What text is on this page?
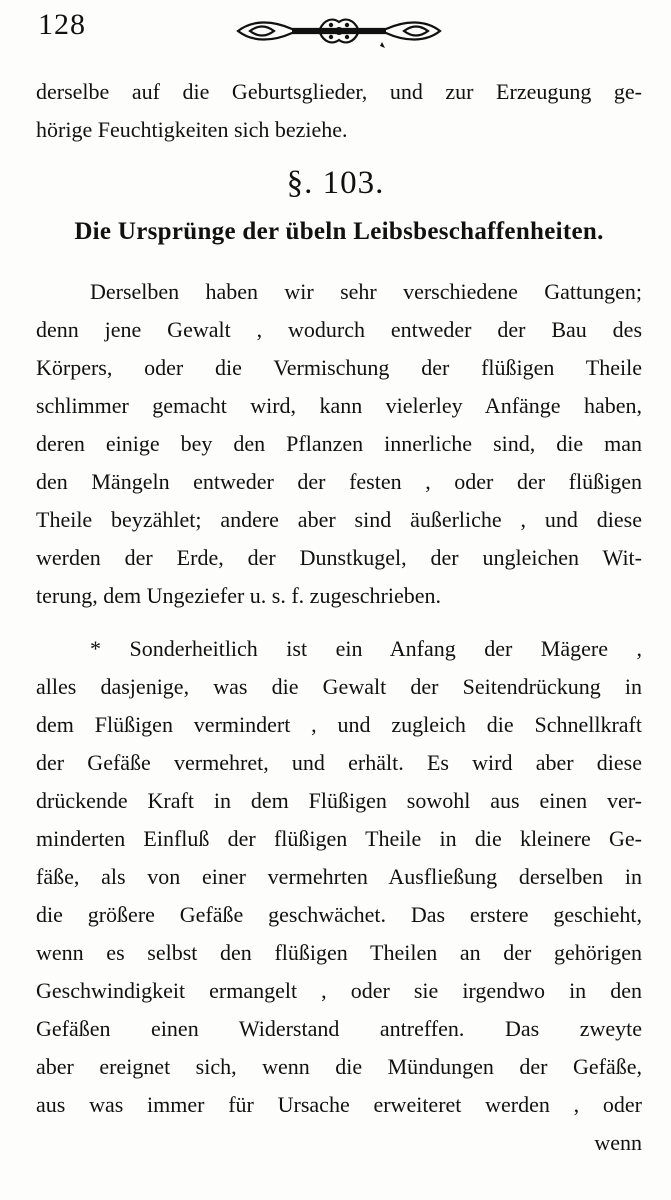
128
derselbe auf die Geburtsglieder, und zur Erzeugung ge-
hörige Feuchtigkeiten sich beziehe.
§. 103.
Die Ursprünge der übeln Leibsbeschaffenheiten.
Derselben haben wir sehr verschiedene Gattungen;
denn jene Gewalt , wodurch entweder der Bau des
Körpers, oder die Vermischung der flüßigen Theile
schlimmer gemacht wird, kann vielerley Anfänge haben,
deren einige bey den Pflanzen innerliche sind, die man
den Mängeln entweder der festen , oder der flüßigen
Theile beyzählet; andere aber sind äußerliche , und diese
werden der Erde, der Dunstkugel, der ungleichen Wit-
terung, dem Ungeziefer u. s. f. zugeschrieben.
* Sonderheitlich ist ein Anfang der Mägere ,
alles dasjenige, was die Gewalt der Seitendrückung in
dem Flüßigen vermindert , und zugleich die Schnellkraft
der Gefäße vermehret, und erhält. Es wird aber diese
drückende Kraft in dem Flüßigen sowohl aus einen ver-
minderten Einfluß der flüßigen Theile in die kleinere Ge-
fäße, als von einer vermehrten Ausfließung derselben in
die größere Gefäße geschwächet. Das erstere geschieht,
wenn es selbst den flüßigen Theilen an der gehörigen
Geschwindigkeit ermangelt , oder sie irgendwo in den
Gefäßen einen Widerstand antreffen. Das zweyte
aber ereignet sich, wenn die Mündungen der Gefäße,
aus was immer für Ursache erweiteret werden , oder
wenn
